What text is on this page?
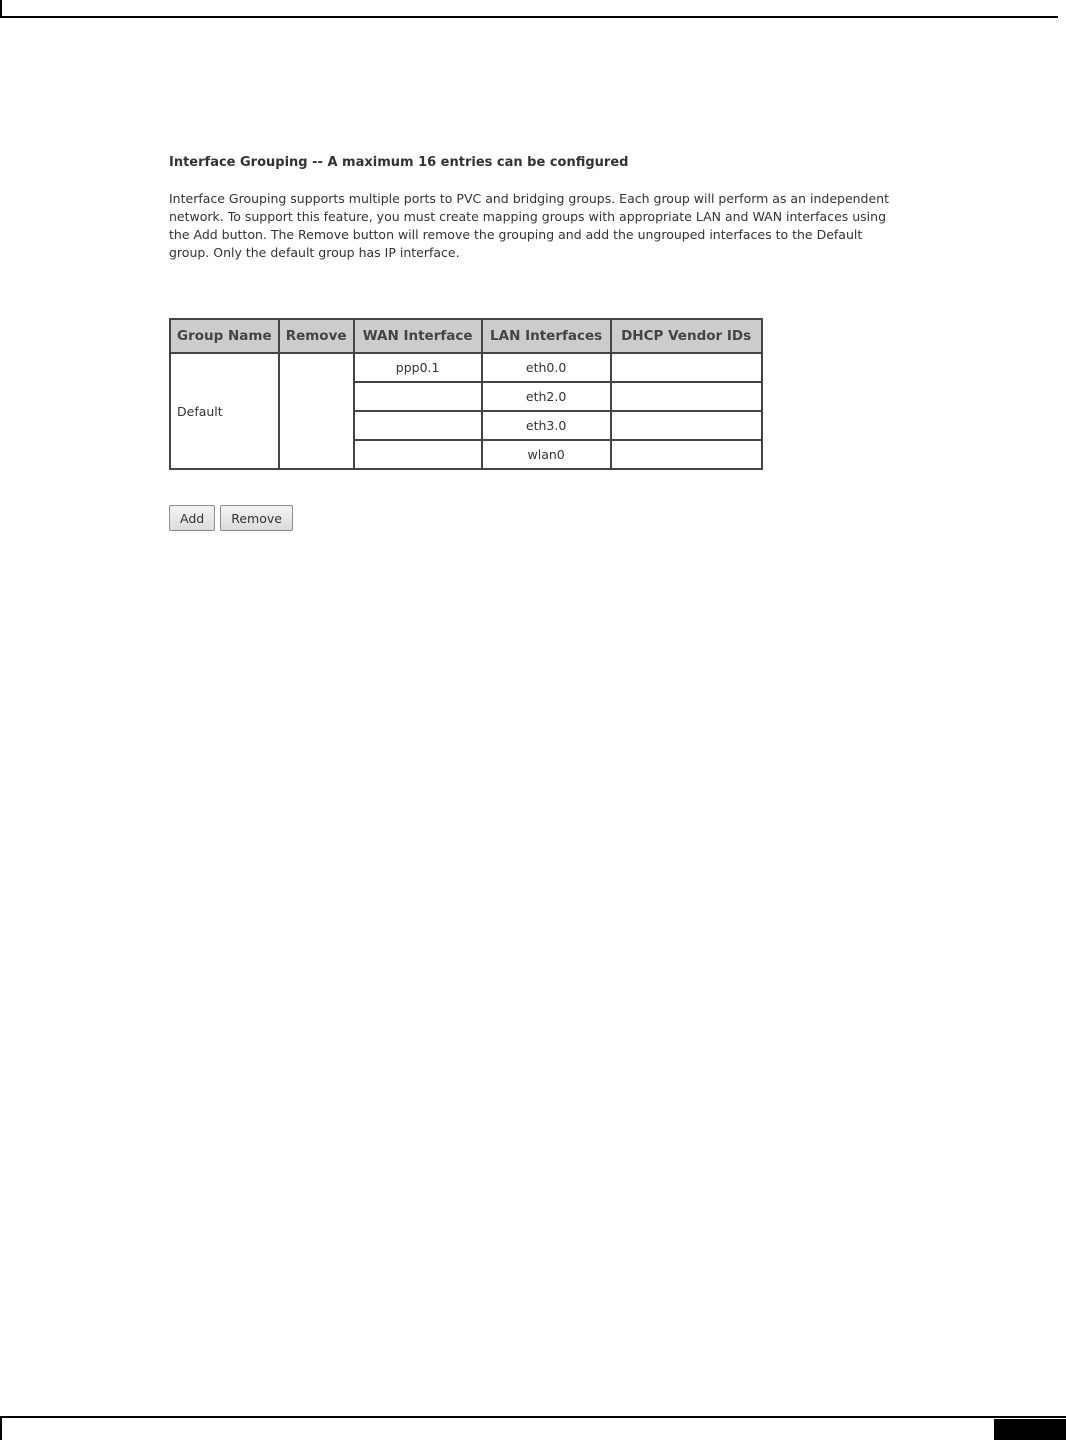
Interface Grouping -- A maximum 16 entries can be configured

Interface Grouping supports multiple ports to PVC and bridging groups. Each group will perform as an independent network. To support this feature, you must create mapping groups with appropriate LAN and WAN interfaces using the Add button. The Remove button will remove the grouping and add the ungrouped interfaces to the Default group. Only the default group has IP interface.

Group Name	Remove	WAN Interface	LAN Interfaces	DHCP Vendor IDs
Default		ppp0.1	eth0.0	
			eth2.0	
			eth3.0	
			wlan0	
Add	Remove
